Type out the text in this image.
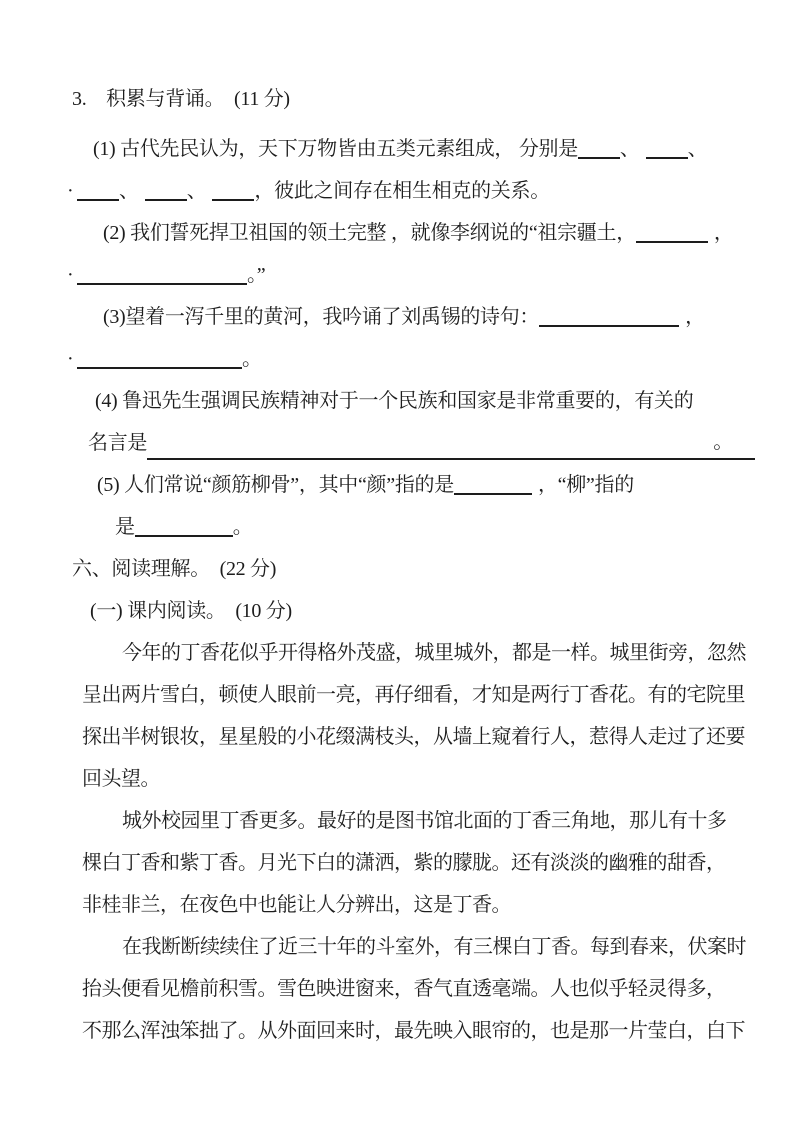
3.　积累与背诵。　(11 分)
(1) 古代先民认为，天下万物皆由五类元素组成， 分别是 、 、
· 、 、 ，彼此之间存在相生相克的关系。
(2) 我们誓死捍卫祖国的领土完整 ，就像李纲说的“祖宗疆土，	，
·	。”
(3)望着一泻千里的黄河，我吟诵了刘禹锡的诗句：	，
·	。
(4) 鲁迅先生强调民族精神对于一个民族和国家是非常重要的，有关的
名言是	。
(5) 人们常说“颜筋柳骨”，其中“颜”指的是	，“柳”指的
是	。
六、阅读理解。　(22 分)
(一) 课内阅读。　(10 分)
今年的丁香花似乎开得格外茂盛，城里城外，都是一样。城里街旁，忽然
呈出两片雪白，顿使人眼前一亮，再仔细看，才知是两行丁香花。有的宅院里
探出半树银妆，星星般的小花缀满枝头，从墙上窥着行人，惹得人走过了还要
回头望。
城外校园里丁香更多。最好的是图书馆北面的丁香三角地，那儿有十多
棵白丁香和紫丁香。月光下白的潇洒，紫的朦胧。还有淡淡的幽雅的甜香，
非桂非兰，在夜色中也能让人分辨出，这是丁香。
在我断断续续住了近三十年的斗室外，有三棵白丁香。每到春来，伏案时
抬头便看见檐前积雪。雪色映进窗来，香气直透毫端。人也似乎轻灵得多，
不那么浑浊笨拙了。从外面回来时，最先映入眼帘的，也是那一片莹白，白下
